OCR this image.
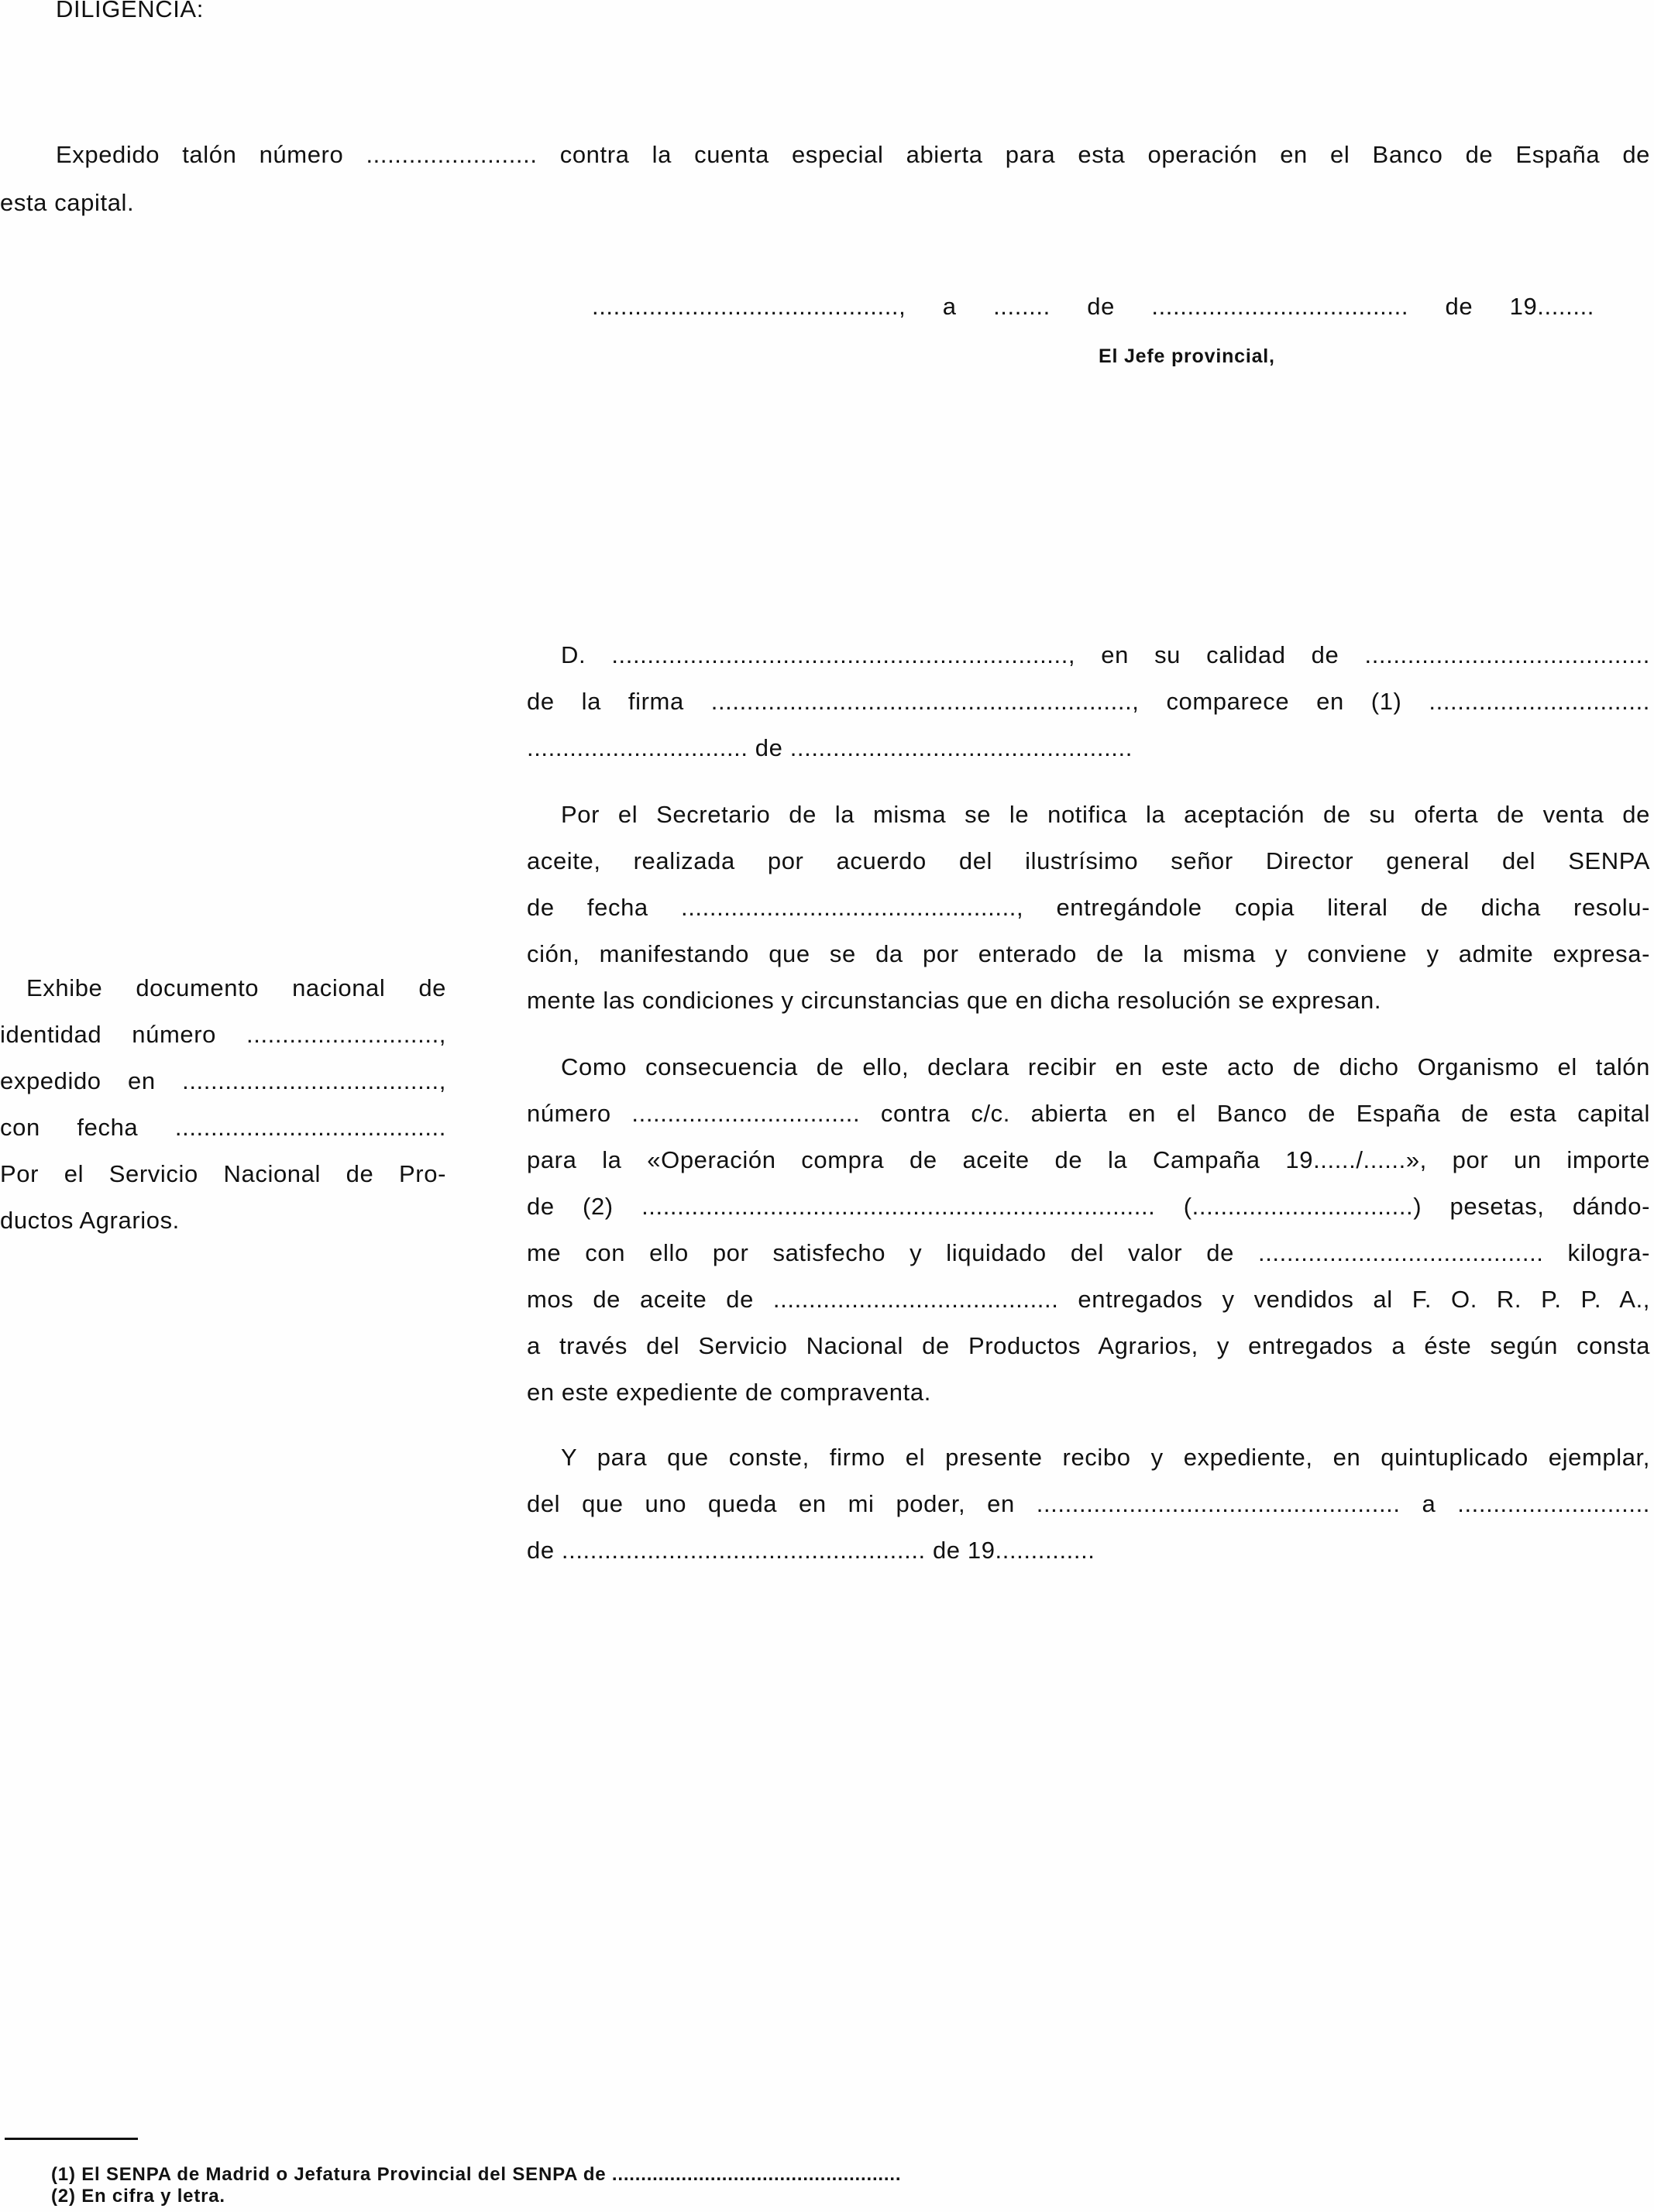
DILIGENCIA:
Expedido talón número ........................ contra la cuenta especial abierta para esta operación en el Banco de España de
esta capital.
..........................................., a ........ de .................................... de 19........
El Jefe provincial,
D. ................................................................, en su calidad de ........................................
de la firma ..........................................................., comparece en (1) ...............................
............................... de ................................................
Por el Secretario de la misma se le notifica la aceptación de su oferta de venta de
aceite, realizada por acuerdo del ilustrísimo señor Director general del SENPA
de fecha ..............................................., entregándole copia literal de dicha resolu-
ción, manifestando que se da por enterado de la misma y conviene y admite expresa-
mente las condiciones y circunstancias que en dicha resolución se expresan.
Como consecuencia de ello, declara recibir en este acto de dicho Organismo el talón
número ................................ contra c/c. abierta en el Banco de España de esta capital
para la «Operación compra de aceite de la Campaña 19....../......», por un importe
de (2) ........................................................................ (...............................) pesetas, dándo-
me con ello por satisfecho y liquidado del valor de ........................................ kilogra-
mos de aceite de ........................................ entregados y vendidos al F. O. R. P. P. A.,
a través del Servicio Nacional de Productos Agrarios, y entregados a éste según consta
en este expediente de compraventa.
Y para que conste, firmo el presente recibo y expediente, en quintuplicado ejemplar,
del que uno queda en mi poder, en ................................................... a ...........................
de ................................................... de 19..............
Exhibe documento nacional de
identidad número ...........................,
expedido en ....................................,
con fecha ......................................
Por el Servicio Nacional de Pro-
ductos Agrarios.
(1) El SENPA de Madrid o Jefatura Provincial del SENPA de ..................................................
(2) En cifra y letra.
